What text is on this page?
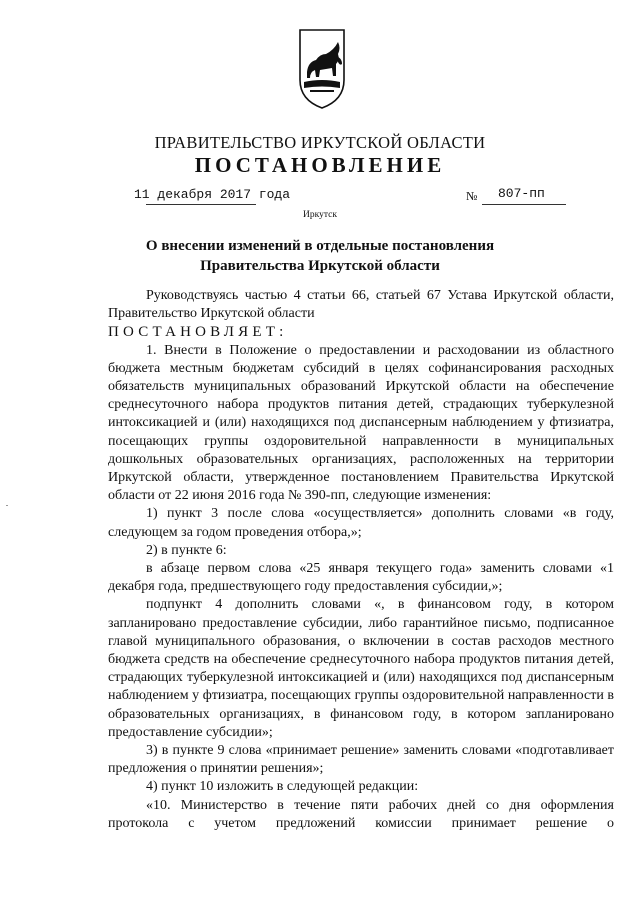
ПРАВИТЕЛЬСТВО ИРКУТСКОЙ ОБЛАСТИ
ПОСТАНОВЛЕНИЕ
11 декабря 2017 года	№ 807-пп
Иркутск
О внесении изменений в отдельные постановления Правительства Иркутской области

Руководствуясь частью 4 статьи 66, статьей 67 Устава Иркутской области, Правительство Иркутской области

ПОСТАНОВЛЯЕТ:

1. Внести в Положение о предоставлении и расходовании из областного бюджета местным бюджетам субсидий в целях софинансирования расходных обязательств муниципальных образований Иркутской области на обеспечение среднесуточного набора продуктов питания детей, страдающих туберкулезной интоксикацией и (или) находящихся под диспансерным наблюдением у фтизиатра, посещающих группы оздоровительной направленности в муниципальных дошкольных образовательных организациях, расположенных на территории Иркутской области, утвержденное постановлением Правительства Иркутской области от 22 июня 2016 года № 390-пп, следующие изменения:

1) пункт 3 после слова «осуществляется» дополнить словами «в году, следующем за годом проведения отбора,»;

2) в пункте 6:

в абзаце первом слова «25 января текущего года» заменить словами «1 декабря года, предшествующего году предоставления субсидии,»;

подпункт 4 дополнить словами «, в финансовом году, в котором запланировано предоставление субсидии, либо гарантийное письмо, подписанное главой муниципального образования, о включении в состав расходов местного бюджета средств на обеспечение среднесуточного набора продуктов питания детей, страдающих туберкулезной интоксикацией и (или) находящихся под диспансерным наблюдением у фтизиатра, посещающих группы оздоровительной направленности в образовательных организациях, в финансовом году, в котором запланировано предоставление субсидии»;

3) в пункте 9 слова «принимает решение» заменить словами «подготавливает предложения о принятии решения»;

4) пункт 10 изложить в следующей редакции:

«10. Министерство в течение пяти рабочих дней со дня оформления протокола с учетом предложений комиссии принимает решение о
